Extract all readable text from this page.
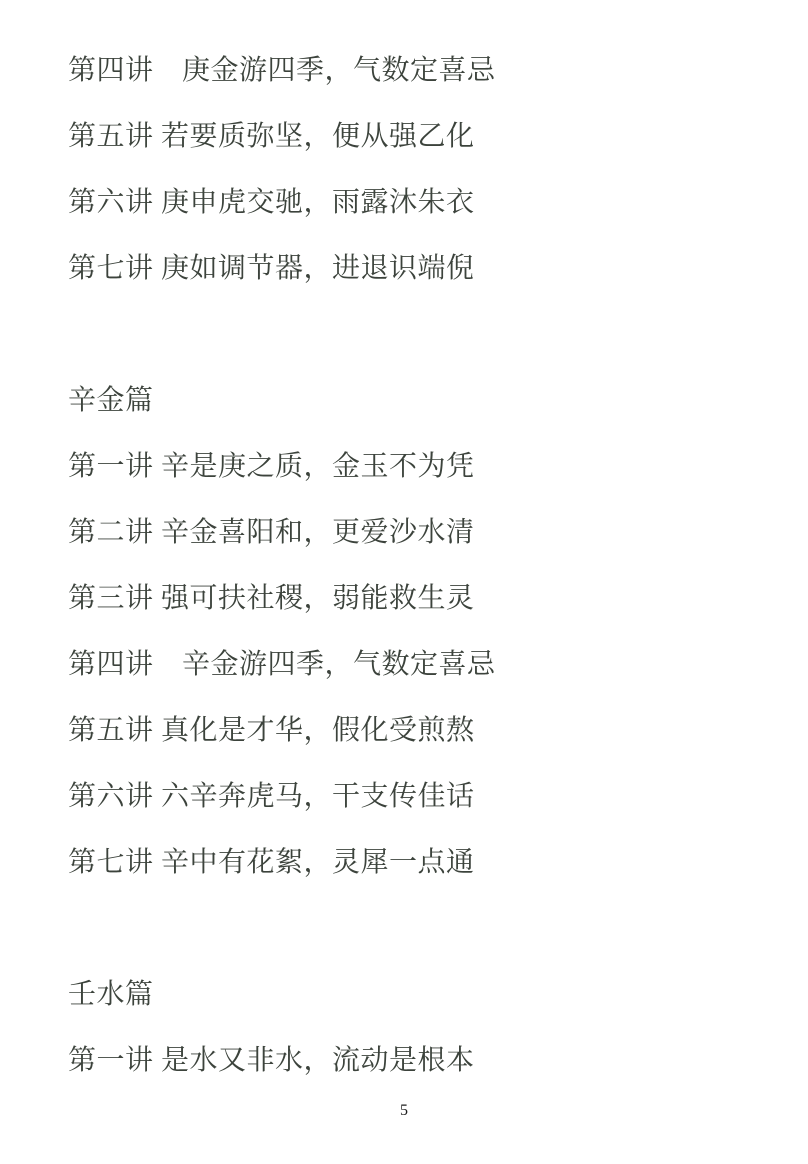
第四讲　庚金游四季，气数定喜忌

第五讲 若要质弥坚，便从强乙化

第六讲 庚申虎交驰，雨露沐朱衣

第七讲 庚如调节器，进退识端倪

辛金篇

第一讲 辛是庚之质，金玉不为凭

第二讲 辛金喜阳和，更爱沙水清

第三讲 强可扶社稷，弱能救生灵

第四讲　辛金游四季，气数定喜忌

第五讲 真化是才华，假化受煎熬

第六讲 六辛奔虎马，干支传佳话

第七讲 辛中有花絮，灵犀一点通

壬水篇

第一讲 是水又非水，流动是根本

5
